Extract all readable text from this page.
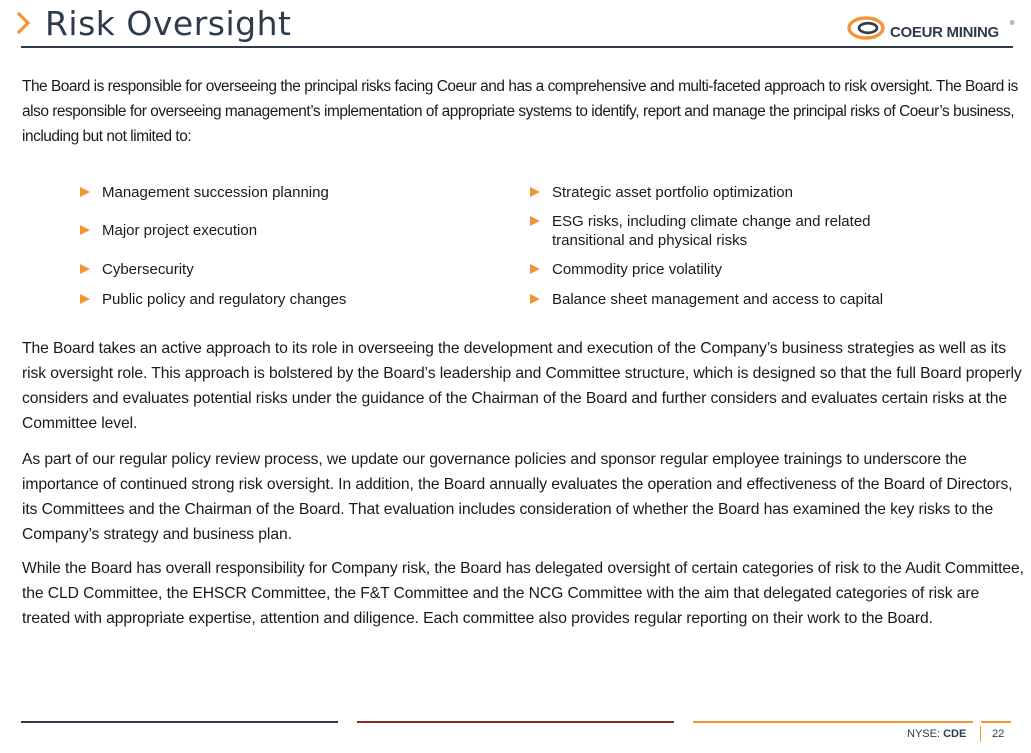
Risk Oversight	COEUR MINING ®

The Board is responsible for overseeing the principal risks facing Coeur and has a comprehensive and multi-faceted approach to risk oversight. The Board is also responsible for overseeing management’s implementation of appropriate systems to identify, report and manage the principal risks of Coeur’s business, including but not limited to:

Management succession planning
Major project execution
Cybersecurity
Public policy and regulatory changes
Strategic asset portfolio optimization
ESG risks, including climate change and related transitional and physical risks
Commodity price volatility
Balance sheet management and access to capital

The Board takes an active approach to its role in overseeing the development and execution of the Company’s business strategies as well as its risk oversight role. This approach is bolstered by the Board’s leadership and Committee structure, which is designed so that the full Board properly considers and evaluates potential risks under the guidance of the Chairman of the Board and further considers and evaluates certain risks at the Committee level.

As part of our regular policy review process, we update our governance policies and sponsor regular employee trainings to underscore the importance of continued strong risk oversight. In addition, the Board annually evaluates the operation and effectiveness of the Board of Directors, its Committees and the Chairman of the Board. That evaluation includes consideration of whether the Board has examined the key risks to the Company’s strategy and business plan.

While the Board has overall responsibility for Company risk, the Board has delegated oversight of certain categories of risk to the Audit Committee, the CLD Committee, the EHSCR Committee, the F&T Committee and the NCG Committee with the aim that delegated categories of risk are treated with appropriate expertise, attention and diligence. Each committee also provides regular reporting on their work to the Board.

NYSE: CDE 22
